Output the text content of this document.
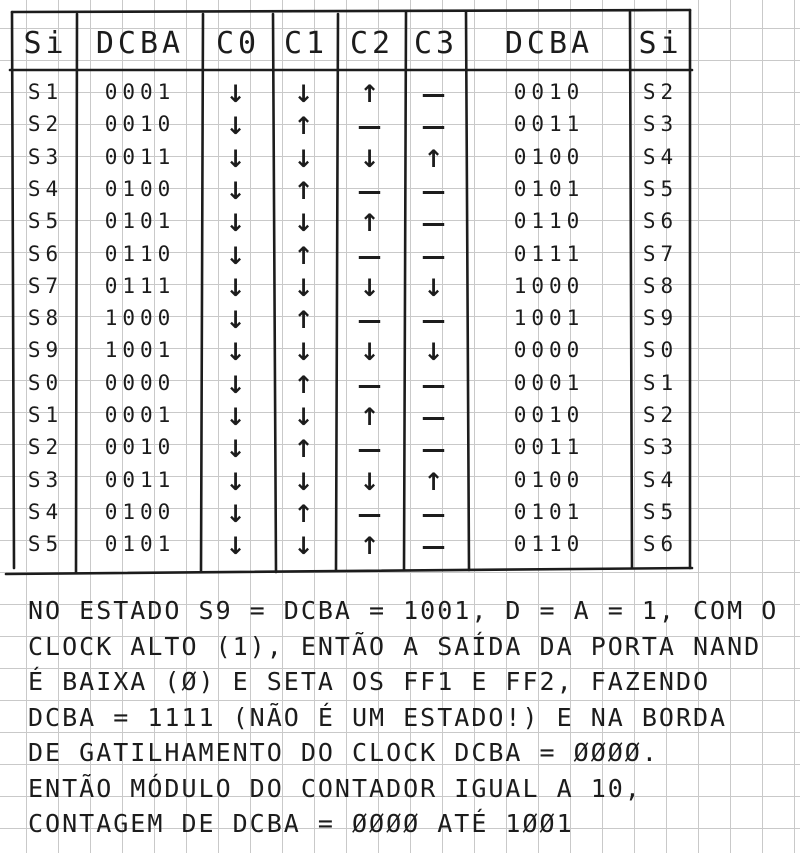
Si DCBA	C0 C1 C2 C3	DCBA	Si
S1	0001	↓	↓	↑	—	0010	S2
S2	0010	↓	↑	—	—	0011	S3
S3	0011	↓	↓	↓	↑	0100	S4
S4	0100	↓	↑	—	—	0101	S5
S5	0101	↓	↓	↑	—	0110	S6
S6	0110	↓	↑	—	—	0111	S7
S7	0111	↓	↓	↓	↓	1000	S8
S8	1000	↓	↑	—	—	1001	S9
S9	1001	↓	↓	↓	↓	0000	S0
S0	0000	↓	↑	—	—	0001	S1
S1	0001	↓	↓	↑	—	0010	S2
S2	0010	↓	↑	—	—	0011	S3
S3	0011	↓	↓	↓	↑	0100	S4
S4	0100	↓	↑	—	—	0101	S5
S5	0101	↓	↓	↑	—	0110	S6
NO ESTADO S9 = DCBA = 1001, D = A = 1, COM O
CLOCK ALTO (1), ENTÃO A SAÍDA DA PORTA NAND
É BAIXA (Ø) E SETA OS FF1 E FF2, FAZENDO
DCBA = 1111 (NÃO É UM ESTADO!) E NA BORDA
DE GATILHAMENTO DO CLOCK DCBA = ØØØØ.
ENTÃO MÓDULO DO CONTADOR IGUAL A 10,
CONTAGEM DE DCBA = ØØØØ ATÉ 1ØØ1
